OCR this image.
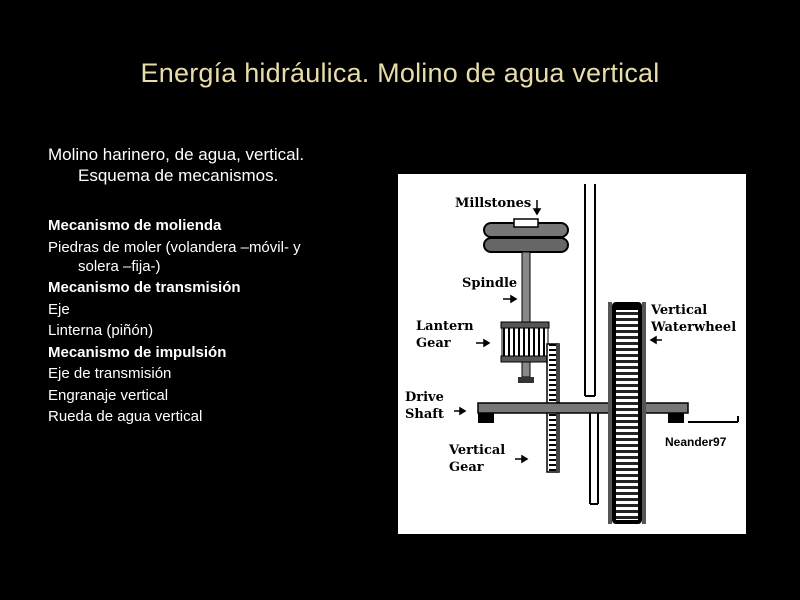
Energía hidráulica. Molino de agua vertical
Molino harinero, de agua, vertical.
Esquema de mecanismos.
Mecanismo de molienda
Piedras de moler (volandera –móvil- y
solera –fija-)
Mecanismo de transmisión
Eje
Linterna (piñón)
Mecanismo de impulsión
Eje de transmisión
Engranaje vertical
Rueda de agua vertical
Millstones
Spindle
Lantern
Gear
Vertical
Waterwheel
Drive
Shaft
Vertical
Gear
Neander97
